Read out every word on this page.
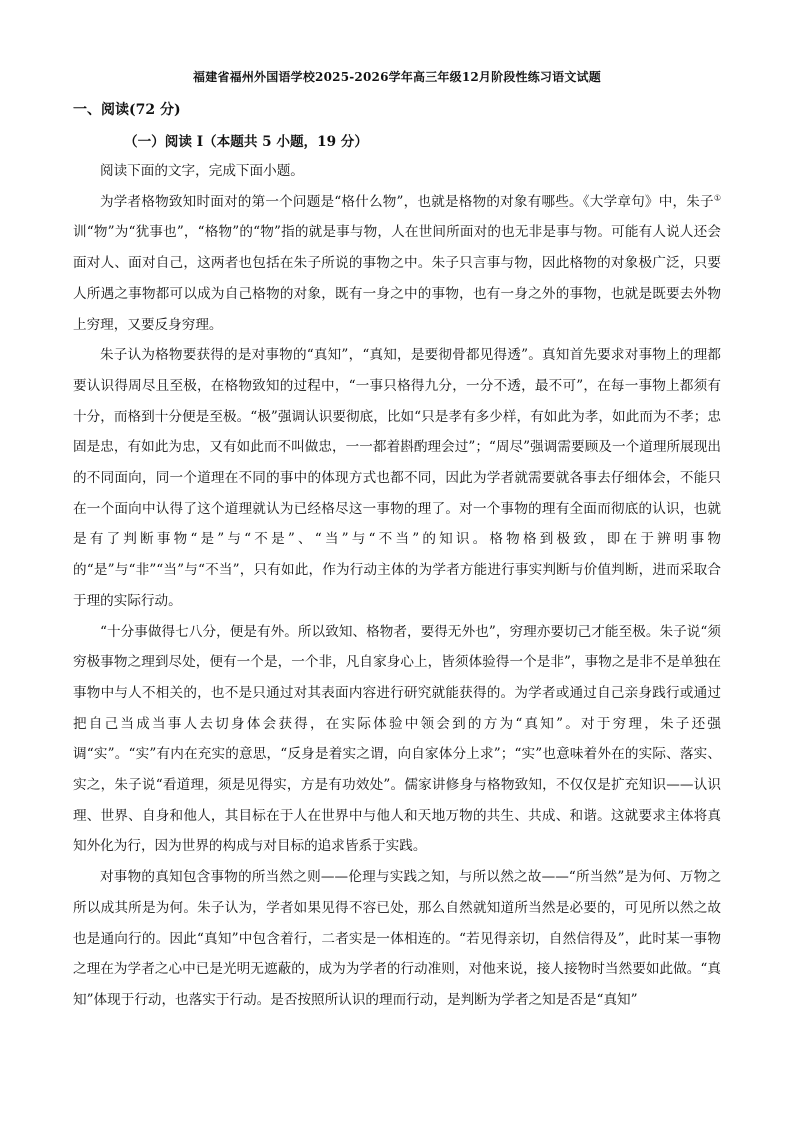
福建省福州外国语学校2025-2026学年高三年级12月阶段性练习语文试题
一、阅读(72 分)
（一）阅读 I（本题共 5 小题，19 分）

阅读下面的文字，完成下面小题。

为学者格物致知时面对的第一个问题是“格什么物”，也就是格物的对象有哪些。《大学章句》中，朱子①训“物”为“犹事也”，“格物”的“物”指的就是事与物，人在世间所面对的也无非是事与物。可能有人说人还会面对人、面对自己，这两者也包括在朱子所说的事物之中。朱子只言事与物，因此格物的对象极广泛，只要人所遇之事物都可以成为自己格物的对象，既有一身之中的事物，也有一身之外的事物，也就是既要去外物上穷理，又要反身穷理。

朱子认为格物要获得的是对事物的“真知”，“真知，是要彻骨都见得透”。真知首先要求对事物上的理都要认识得周尽且至极，在格物致知的过程中，“一事只格得九分，一分不透，最不可”，在每一事物上都须有十分，而格到十分便是至极。“极”强调认识要彻底，比如“只是孝有多少样，有如此为孝，如此而为不孝；忠固是忠，有如此为忠，又有如此而不叫做忠，一一都着斟酌理会过”；“周尽”强调需要顾及一个道理所展现出的不同面向，同一个道理在不同的事中的体现方式也都不同，因此为学者就需要就各事去仔细体会，不能只在一个面向中认得了这个道理就认为已经格尽这一事物的理了。对一个事物的理有全面而彻底的认识，也就是有了判断事物“是”与“不是”、“当”与“不当”的知识。格物格到极致，即在于辨明事物的“是”与“非”“当”与“不当”，只有如此，作为行动主体的为学者方能进行事实判断与价值判断，进而采取合于理的实际行动。

“十分事做得七八分，便是有外。所以致知、格物者，要得无外也”，穷理亦要切己才能至极。朱子说“须穷极事物之理到尽处，便有一个是，一个非，凡自家身心上，皆须体验得一个是非”，事物之是非不是单独在事物中与人不相关的，也不是只通过对其表面内容进行研究就能获得的。为学者或通过自己亲身践行或通过把自己当成当事人去切身体会获得，在实际体验中领会到的方为“真知”。对于穷理，朱子还强调“实”。“实”有内在充实的意思，“反身是着实之谓，向自家体分上求”；“实”也意味着外在的实际、落实、实之，朱子说“看道理，须是见得实，方是有功效处”。儒家讲修身与格物致知，不仅仅是扩充知识——认识理、世界、自身和他人，其目标在于人在世界中与他人和天地万物的共生、共成、和谐。这就要求主体将真知外化为行，因为世界的构成与对目标的追求皆系于实践。

对事物的真知包含事物的所当然之则——伦理与实践之知，与所以然之故——“所当然”是为何、万物之所以成其所是为何。朱子认为，学者如果见得不容已处，那么自然就知道所当然是必要的，可见所以然之故也是通向行的。因此“真知”中包含着行，二者实是一体相连的。“若见得亲切，自然信得及”，此时某一事物之理在为学者之心中已是光明无遮蔽的，成为为学者的行动准则，对他来说，接人接物时当然要如此做。“真知”体现于行动，也落实于行动。是否按照所认识的理而行动，是判断为学者之知是否是“真知”
